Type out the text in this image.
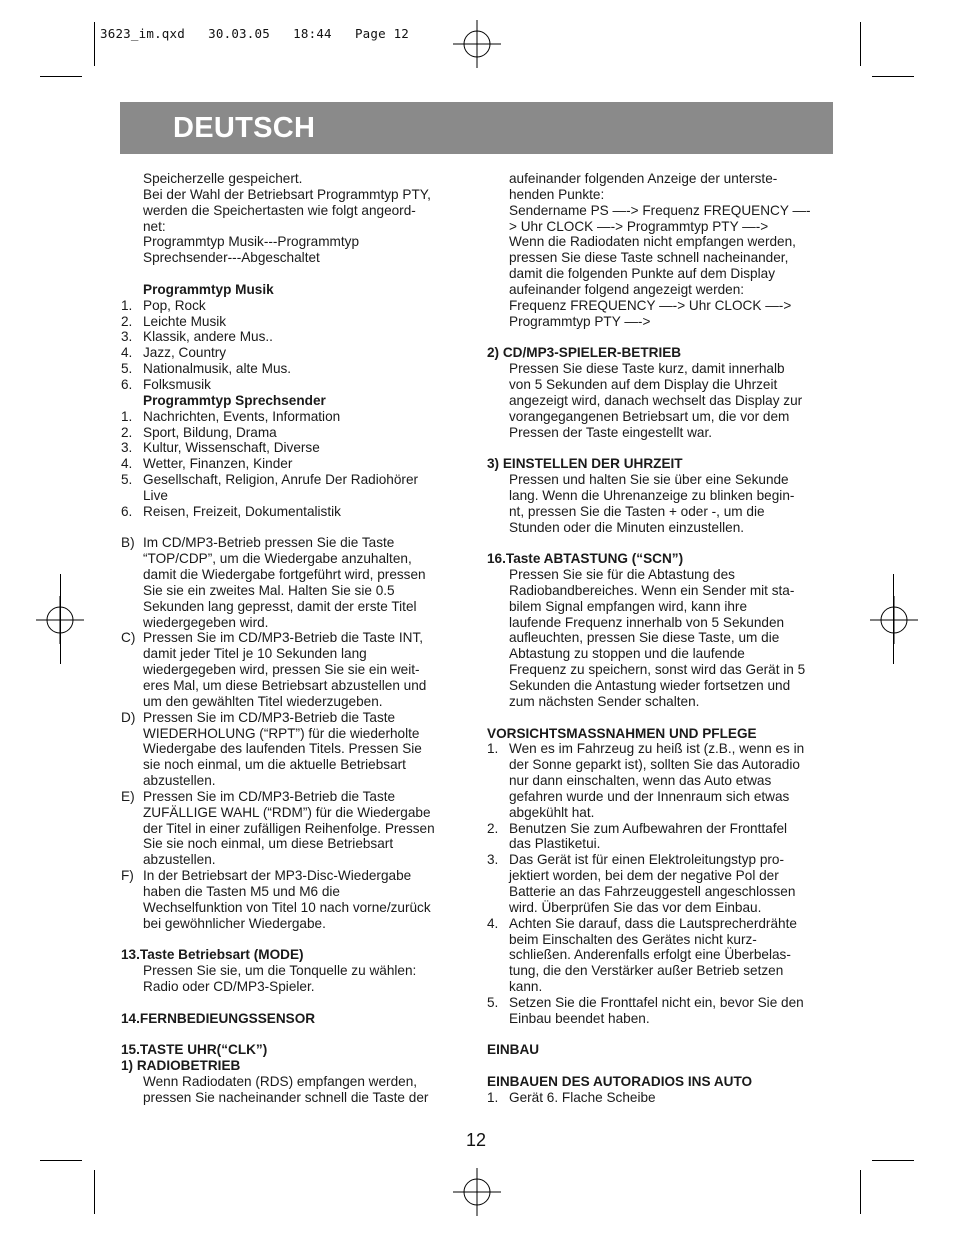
3623_im.qxd   30.03.05   18:44   Page 12
DEUTSCH
Speicherzelle gespeichert.
Bei der Wahl der Betriebsart Programmtyp PTY,
werden die Speichertasten wie folgt angeord-
net:
Programmtyp Musik---Programmtyp
Sprechsender---Abgeschaltet
Programmtyp Musik
1. Pop, Rock
2. Leichte Musik
3. Klassik, andere Mus..
4. Jazz, Country
5. Nationalmusik, alte Mus.
6. Folksmusik
Programmtyp Sprechsender
1. Nachrichten, Events, Information
2. Sport, Bildung, Drama
3. Kultur, Wissenschaft, Diverse
4. Wetter, Finanzen, Kinder
5. Gesellschaft, Religion, Anrufe Der Radiohörer
Live
6. Reisen, Freizeit, Dokumentalistik
B) Im CD/MP3-Betrieb pressen Sie die Taste
“TOP/CDP”, um die Wiedergabe anzuhalten,
damit die Wiedergabe fortgeführt wird, pressen
Sie sie ein zweites Mal. Halten Sie sie 0.5
Sekunden lang gepresst, damit der erste Titel
wiedergegeben wird.
C) Pressen Sie im CD/MP3-Betrieb die Taste INT,
damit jeder Titel je 10 Sekunden lang
wiedergegeben wird, pressen Sie sie ein weit-
eres Mal, um diese Betriebsart abzustellen und
um den gewählten Titel wiederzugeben.
D) Pressen Sie im CD/MP3-Betrieb die Taste
WIEDERHOLUNG (“RPT”) für die wiederholte
Wiedergabe des laufenden Titels. Pressen Sie
sie noch einmal, um die aktuelle Betriebsart
abzustellen.
E) Pressen Sie im CD/MP3-Betrieb die Taste
ZUFÄLLIGE WAHL (“RDM”) für die Wiedergabe
der Titel in einer zufälligen Reihenfolge. Pressen
Sie sie noch einmal, um diese Betriebsart
abzustellen.
F) In der Betriebsart der MP3-Disc-Wiedergabe
haben die Tasten M5 und M6 die
Wechselfunktion von Titel 10 nach vorne/zurück
bei gewöhnlicher Wiedergabe.
13.Taste Betriebsart (MODE)
Pressen Sie sie, um die Tonquelle zu wählen:
Radio oder CD/MP3-Spieler.
14.FERNBEDIEUNGSSENSOR
15.TASTE UHR(“CLK”)
1) RADIOBETRIEB
Wenn Radiodaten (RDS) empfangen werden,
pressen Sie nacheinander schnell die Taste der
aufeinander folgenden Anzeige der unterste-
henden Punkte:
Sendername PS —-> Frequenz FREQUENCY —-
> Uhr CLOCK —-> Programmtyp PTY —->
Wenn die Radiodaten nicht empfangen werden,
pressen Sie diese Taste schnell nacheinander,
damit die folgenden Punkte auf dem Display
aufeinander folgend angezeigt werden:
Frequenz FREQUENCY —-> Uhr CLOCK —->
Programmtyp PTY —->
2) CD/MP3-SPIELER-BETRIEB
Pressen Sie diese Taste kurz, damit innerhalb
von 5 Sekunden auf dem Display die Uhrzeit
angezeigt wird, danach wechselt das Display zur
vorangegangenen Betriebsart um, die vor dem
Pressen der Taste eingestellt war.
3) EINSTELLEN DER UHRZEIT
Pressen und halten Sie sie über eine Sekunde
lang. Wenn die Uhrenanzeige zu blinken begin-
nt, pressen Sie die Tasten + oder -, um die
Stunden oder die Minuten einzustellen.
16.Taste ABTASTUNG (“SCN”)
Pressen Sie sie für die Abtastung des
Radiobandbereiches. Wenn ein Sender mit sta-
bilem Signal empfangen wird, kann ihre
laufende Frequenz innerhalb von 5 Sekunden
aufleuchten, pressen Sie diese Taste, um die
Abtastung zu stoppen und die laufende
Frequenz zu speichern, sonst wird das Gerät in 5
Sekunden die Antastung wieder fortsetzen und
zum nächsten Sender schalten.
VORSICHTSMASSNAHMEN UND PFLEGE
1. Wen es im Fahrzeug zu heiß ist (z.B., wenn es in
der Sonne geparkt ist), sollten Sie das Autoradio
nur dann einschalten, wenn das Auto etwas
gefahren wurde und der Innenraum sich etwas
abgekühlt hat.
2. Benutzen Sie zum Aufbewahren der Fronttafel
das Plastiketui.
3. Das Gerät ist für einen Elektroleitungstyp pro-
jektiert worden, bei dem der negative Pol der
Batterie an das Fahrzeuggestell angeschlossen
wird. Überprüfen Sie das vor dem Einbau.
4. Achten Sie darauf, dass die Lautsprecherdrähte
beim Einschalten des Gerätes nicht kurz-
schließen. Anderenfalls erfolgt eine Überbelas-
tung, die den Verstärker außer Betrieb setzen
kann.
5. Setzen Sie die Fronttafel nicht ein, bevor Sie den
Einbau beendet haben.
EINBAU
EINBAUEN DES AUTORADIOS INS AUTO
1. Gerät 6. Flache Scheibe
12
